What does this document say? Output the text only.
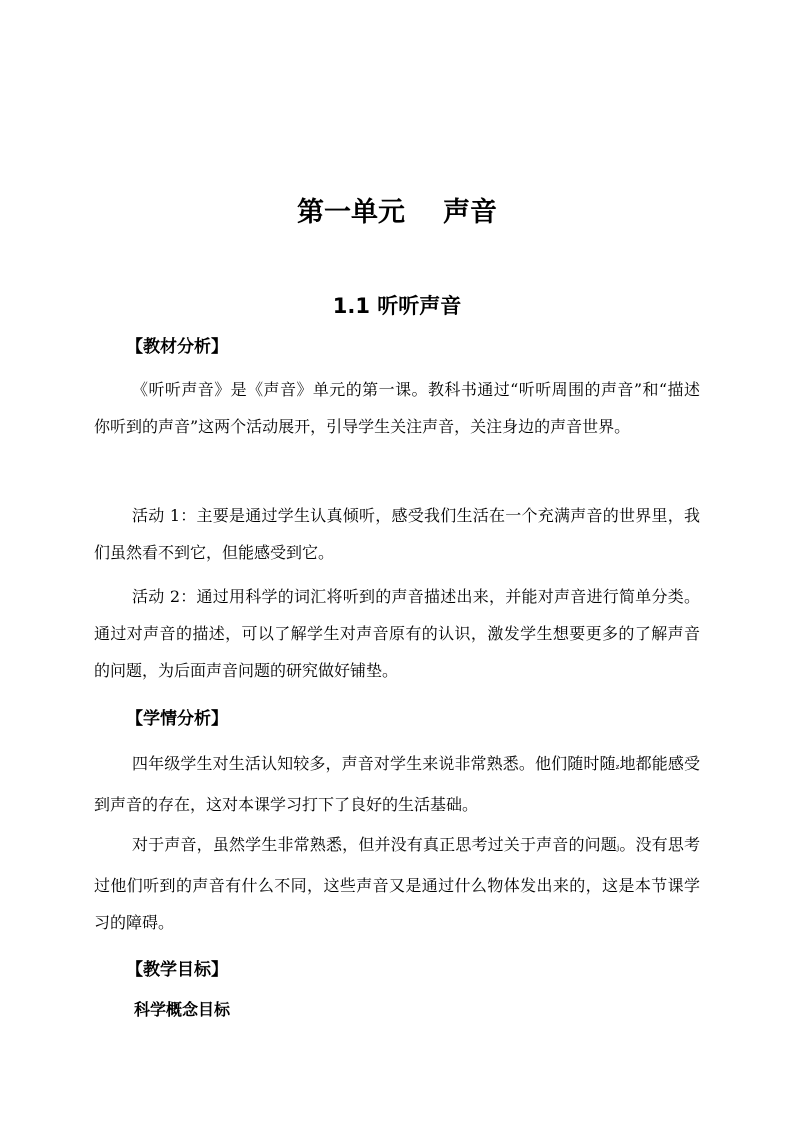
第一单元 声音
1.1 听听声音
【教材分析】
《听听声音》是《声音》单元的第一课。教科书通过“听听周围的声音”和“描述你听到的声音”这两个活动展开，引导学生关注声音，关注身边的声音世界。
活动 1：主要是通过学生认真倾听，感受我们生活在一个充满声音的世界里，我们虽然看不到它，但能感受到它。
活动 2：通过用科学的词汇将听到的声音描述出来，并能对声音进行简单分类。通过对声音的描述，可以了解学生对声音原有的认识，激发学生想要更多的了解声音的问题，为后面声音问题的研究做好铺垫。
【学情分析】
四年级学生对生活认知较多，声音对学生来说非常熟悉。他们随时随z地都能感受到声音的存在，这对本课学习打下了良好的生活基础。
对于声音，虽然学生非常熟悉，但并没有真正思考过关于声音的问题j。没有思考过他们听到的声音有什么不同，这些声音又是通过什么物体发出来的，这是本节课学习的障碍。
【教学目标】
科学概念目标
